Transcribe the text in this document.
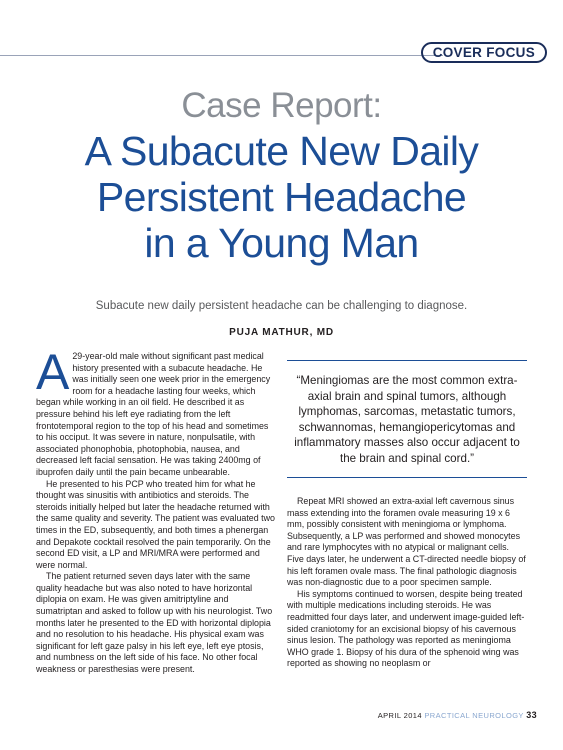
COVER FOCUS
Case Report:
A Subacute New Daily
Persistent Headache
in a Young Man
Subacute new daily persistent headache can be challenging to diagnose.
PUJA MATHUR, MD

A 29-year-old male without significant past medical history presented with a subacute headache. He was initially seen one week prior in the emergency room for a headache lasting four weeks, which began while working in an oil field. He described it as pressure behind his left eye radiating from the left frontotemporal region to the top of his head and sometimes to his occiput. It was severe in nature, nonpulsatile, with associated phonophobia, photophobia, nausea, and decreased left facial sensation. He was taking 2400mg of ibuprofen daily until the pain became unbearable.

He presented to his PCP who treated him for what he thought was sinusitis with antibiotics and steroids. The steroids initially helped but later the headache returned with the same quality and severity. The patient was evaluated two times in the ED, subsequently, and both times a phenergan and Depakote cocktail resolved the pain temporarily. On the second ED visit, a LP and MRI/MRA were performed and were normal.

The patient returned seven days later with the same quality headache but was also noted to have horizontal diplopia on exam. He was given amitriptyline and sumatriptan and asked to follow up with his neurologist. Two months later he presented to the ED with horizontal diplopia and no resolution to his headache. His physical exam was significant for left gaze palsy in his left eye, left eye ptosis, and numbness on the left side of his face. No other focal weakness or paresthesias were present.

“Meningiomas are the most common extra-axial brain and spinal tumors, although lymphomas, sarcomas, metastatic tumors, schwannomas, hemangiopericytomas and inflammatory masses also occur adjacent to the brain and spinal cord.”

Repeat MRI showed an extra-axial left cavernous sinus mass extending into the foramen ovale measuring 19 x 6 mm, possibly consistent with meningioma or lymphoma. Subsequently, a LP was performed and showed monocytes and rare lymphocytes with no atypical or malignant cells. Five days later, he underwent a CT-directed needle biopsy of his left foramen ovale mass. The final pathologic diagnosis was non-diagnostic due to a poor specimen sample.

His symptoms continued to worsen, despite being treated with multiple medications including steroids. He was readmitted four days later, and underwent image-guided left-sided craniotomy for an excisional biopsy of his cavernous sinus lesion. The pathology was reported as meningioma WHO grade 1. Biopsy of his dura of the sphenoid wing was reported as showing no neoplasm or

APRIL 2014 PRACTICAL NEUROLOGY 33
